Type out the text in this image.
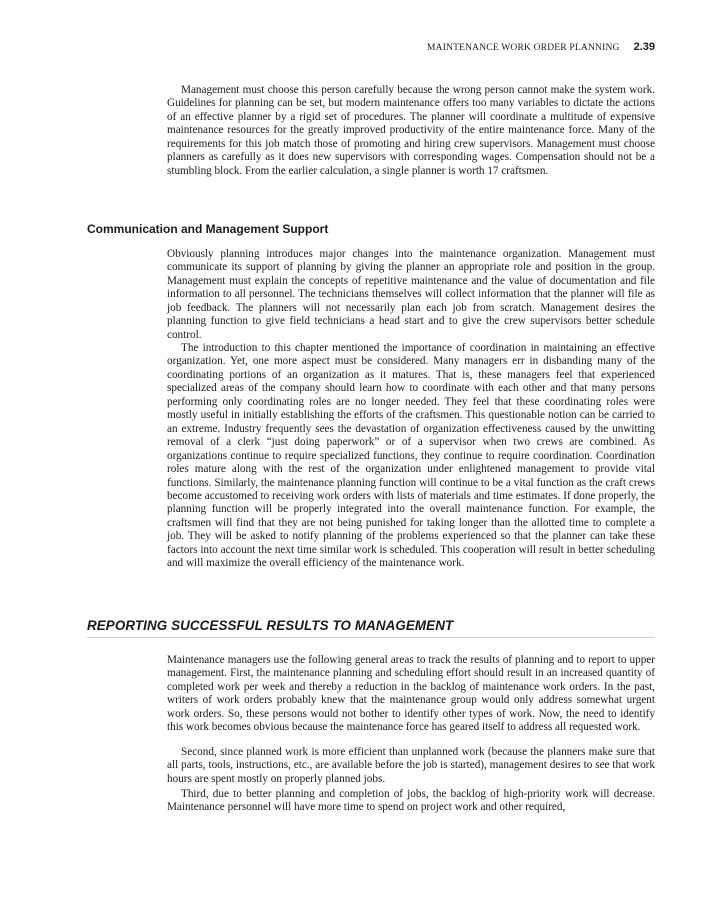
MAINTENANCE WORK ORDER PLANNING 2.39

Management must choose this person carefully because the wrong person cannot make the system work. Guidelines for planning can be set, but modern maintenance offers too many variables to dictate the actions of an effective planner by a rigid set of procedures. The planner will coordinate a multitude of expensive maintenance resources for the greatly improved productivity of the entire maintenance force. Many of the requirements for this job match those of promoting and hiring crew supervisors. Management must choose planners as carefully as it does new supervisors with corresponding wages. Compensation should not be a stumbling block. From the earlier calculation, a single planner is worth 17 craftsmen.

Communication and Management Support

Obviously planning introduces major changes into the maintenance organization. Management must communicate its support of planning by giving the planner an appropriate role and position in the group. Management must explain the concepts of repetitive maintenance and the value of documentation and file information to all personnel. The technicians themselves will collect information that the planner will file as job feedback. The planners will not necessarily plan each job from scratch. Management desires the planning function to give field technicians a head start and to give the crew supervisors better schedule control.

The introduction to this chapter mentioned the importance of coordination in maintaining an effective organization. Yet, one more aspect must be considered. Many managers err in disbanding many of the coordinating portions of an organization as it matures. That is, these managers feel that experienced specialized areas of the company should learn how to coordinate with each other and that many persons performing only coordinating roles are no longer needed. They feel that these coordinating roles were mostly useful in initially establishing the efforts of the craftsmen. This questionable notion can be carried to an extreme. Industry frequently sees the devastation of organization effectiveness caused by the unwitting removal of a clerk “just doing paperwork” or of a supervisor when two crews are combined. As organizations continue to require specialized functions, they continue to require coordination. Coordination roles mature along with the rest of the organization under enlightened management to provide vital functions. Similarly, the maintenance planning function will continue to be a vital function as the craft crews become accustomed to receiving work orders with lists of materials and time estimates. If done properly, the planning function will be properly integrated into the overall maintenance function. For example, the craftsmen will find that they are not being punished for taking longer than the allotted time to complete a job. They will be asked to notify planning of the problems experienced so that the planner can take these factors into account the next time similar work is scheduled. This cooperation will result in better scheduling and will maximize the overall efficiency of the maintenance work.

REPORTING SUCCESSFUL RESULTS TO MANAGEMENT

Maintenance managers use the following general areas to track the results of planning and to report to upper management. First, the maintenance planning and scheduling effort should result in an increased quantity of completed work per week and thereby a reduction in the backlog of maintenance work orders. In the past, writers of work orders probably knew that the maintenance group would only address somewhat urgent work orders. So, these persons would not bother to identify other types of work. Now, the need to identify this work becomes obvious because the maintenance force has geared itself to address all requested work.

Second, since planned work is more efficient than unplanned work (because the planners make sure that all parts, tools, instructions, etc., are available before the job is started), management desires to see that work hours are spent mostly on properly planned jobs.

Third, due to better planning and completion of jobs, the backlog of high-priority work will decrease. Maintenance personnel will have more time to spend on project work and other required,
